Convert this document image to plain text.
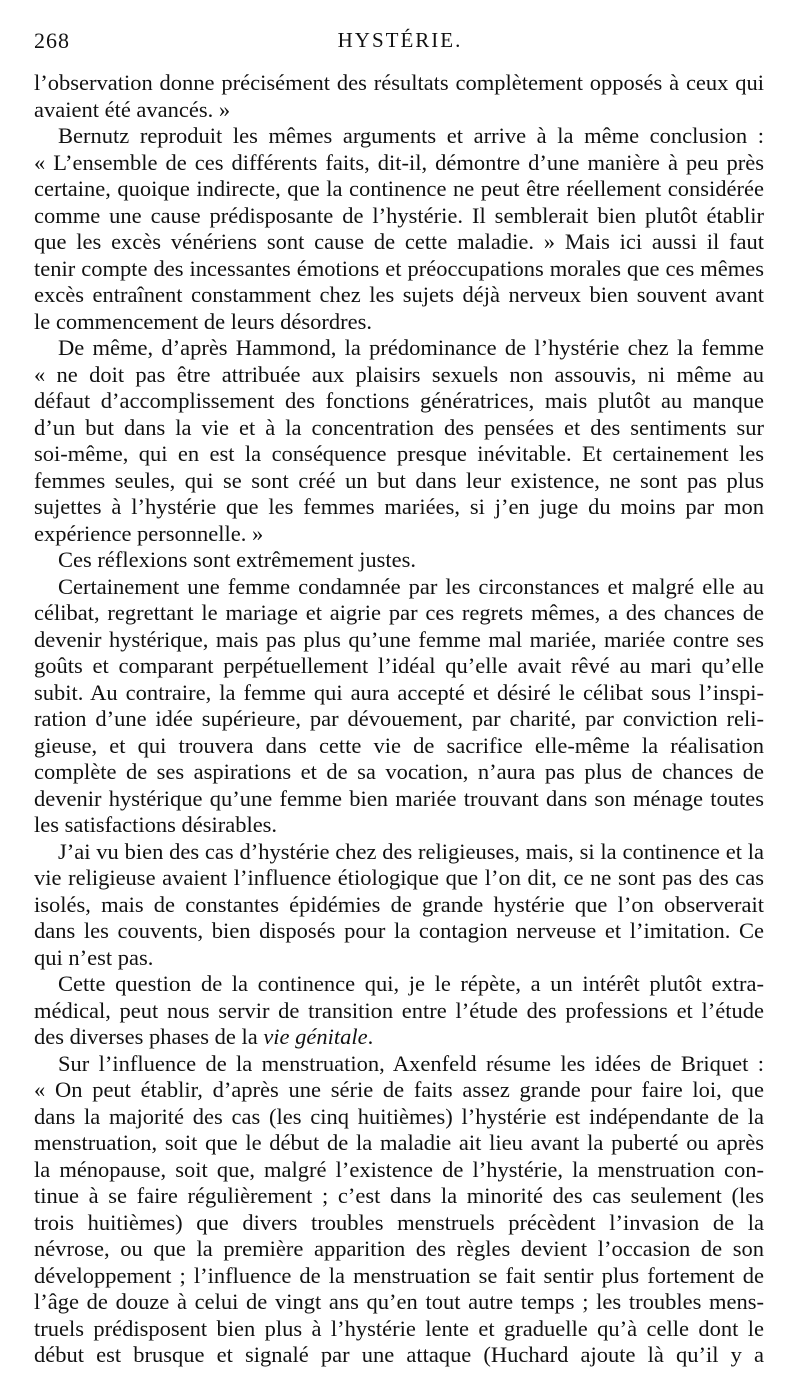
268	HYSTÉRIE.
l’observation donne précisément des résultats complètement opposés à ceux qui
avaient été avancés. »
Bernutz reproduit les mêmes arguments et arrive à la même conclusion :
« L’ensemble de ces différents faits, dit-il, démontre d’une manière à peu près
certaine, quoique indirecte, que la continence ne peut être réellement considérée
comme une cause prédisposante de l’hystérie. Il semblerait bien plutôt établir
que les excès vénériens sont cause de cette maladie. » Mais ici aussi il faut
tenir compte des incessantes émotions et préoccupations morales que ces mêmes
excès entraînent constamment chez les sujets déjà nerveux bien souvent avant
le commencement de leurs désordres.
De même, d’après Hammond, la prédominance de l’hystérie chez la femme
« ne doit pas être attribuée aux plaisirs sexuels non assouvis, ni même au
défaut d’accomplissement des fonctions génératrices, mais plutôt au manque
d’un but dans la vie et à la concentration des pensées et des sentiments sur
soi-même, qui en est la conséquence presque inévitable. Et certainement les
femmes seules, qui se sont créé un but dans leur existence, ne sont pas plus
sujettes à l’hystérie que les femmes mariées, si j’en juge du moins par mon
expérience personnelle. »
Ces réflexions sont extrêmement justes.
Certainement une femme condamnée par les circonstances et malgré elle au
célibat, regrettant le mariage et aigrie par ces regrets mêmes, a des chances de
devenir hystérique, mais pas plus qu’une femme mal mariée, mariée contre ses
goûts et comparant perpétuellement l’idéal qu’elle avait rêvé au mari qu’elle
subit. Au contraire, la femme qui aura accepté et désiré le célibat sous l’inspi-
ration d’une idée supérieure, par dévouement, par charité, par conviction reli-
gieuse, et qui trouvera dans cette vie de sacrifice elle-même la réalisation
complète de ses aspirations et de sa vocation, n’aura pas plus de chances de
devenir hystérique qu’une femme bien mariée trouvant dans son ménage toutes
les satisfactions désirables.
J’ai vu bien des cas d’hystérie chez des religieuses, mais, si la continence et la
vie religieuse avaient l’influence étiologique que l’on dit, ce ne sont pas des cas
isolés, mais de constantes épidémies de grande hystérie que l’on observerait
dans les couvents, bien disposés pour la contagion nerveuse et l’imitation. Ce
qui n’est pas.
Cette question de la continence qui, je le répète, a un intérêt plutôt extra-
médical, peut nous servir de transition entre l’étude des professions et l’étude
des diverses phases de la vie génitale.
Sur l’influence de la menstruation, Axenfeld résume les idées de Briquet :
« On peut établir, d’après une série de faits assez grande pour faire loi, que
dans la majorité des cas (les cinq huitièmes) l’hystérie est indépendante de la
menstruation, soit que le début de la maladie ait lieu avant la puberté ou après
la ménopause, soit que, malgré l’existence de l’hystérie, la menstruation con-
tinue à se faire régulièrement ; c’est dans la minorité des cas seulement (les
trois huitièmes) que divers troubles menstruels précèdent l’invasion de la
névrose, ou que la première apparition des règles devient l’occasion de son
développement ; l’influence de la menstruation se fait sentir plus fortement de
l’âge de douze à celui de vingt ans qu’en tout autre temps ; les troubles mens-
truels prédisposent bien plus à l’hystérie lente et graduelle qu’à celle dont le
début est brusque et signalé par une attaque (Huchard ajoute là qu’il y a
